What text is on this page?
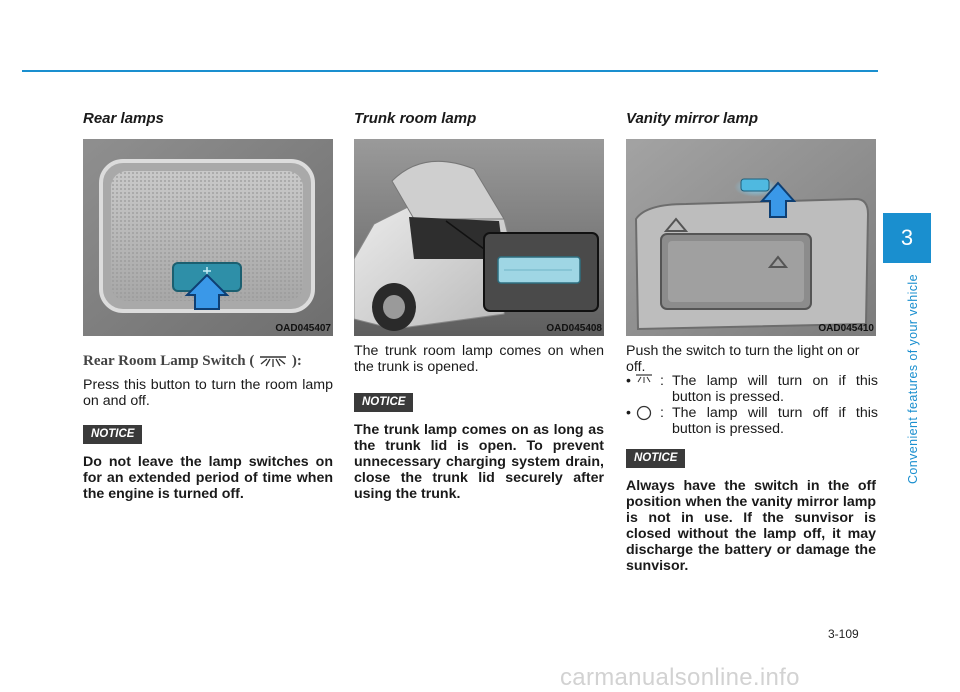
Rear lamps
OAD045407
Rear Room Lamp Switch (	):

Press this button to turn the room lamp on and off.

NOTICE

Do not leave the lamp switches on for an extended period of time when the engine is turned off.

Trunk room lamp
OAD045408

The trunk room lamp comes on when the trunk is opened.

NOTICE

The trunk lamp comes on as long as the trunk lid is open. To prevent unnecessary charging system drain, close the trunk lid securely after using the trunk.

Vanity mirror lamp
OAD045410

Push the switch to turn the light on or off.

• : The lamp will turn on if this button is pressed.
• : The lamp will turn off if this button is pressed.
NOTICE

Always have the switch in the off position when the vanity mirror lamp is not in use. If the sunvisor is closed without the lamp off, it may discharge the battery or damage the sunvisor.

3
Convenient features of your vehicle
3-109
carmanualsonline.info
